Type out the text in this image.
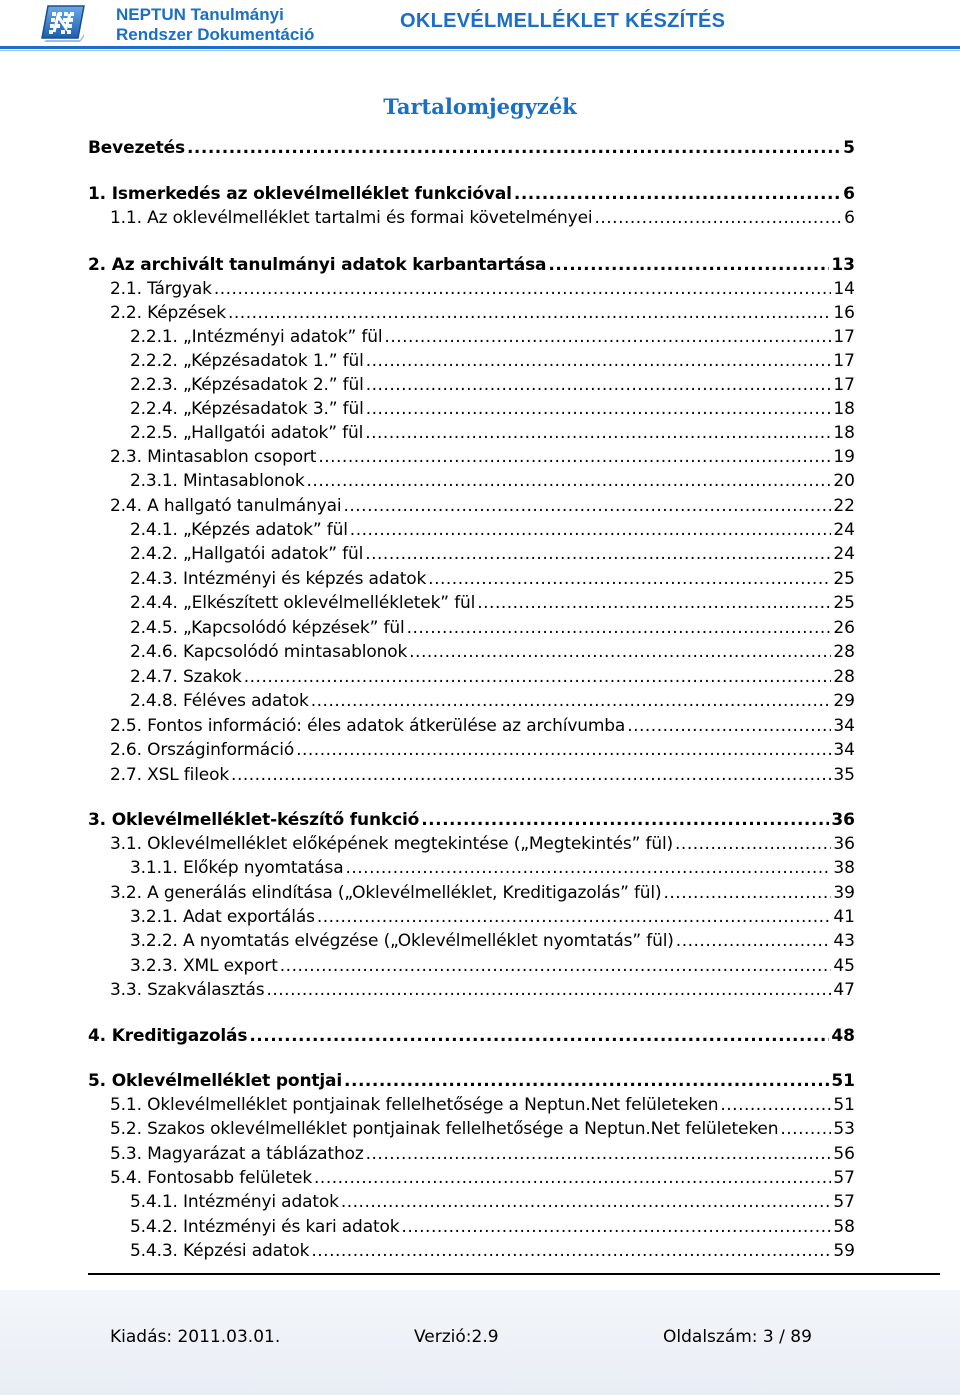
NEPTUN Tanulmányi
Rendszer Dokumentáció
OKLEVÉLMELLÉKLET KÉSZÍTÉS
Tartalomjegyzék
Bevezetés .....	5
1. Ismerkedés az oklevélmelléklet funkcióval .....	6
1.1. Az oklevélmelléklet tartalmi és formai követelményei .....	6
2. Az archivált tanulmányi adatok karbantartása .....	13
2.1. Tárgyak .....	14
2.2. Képzések .....	16
2.2.1. „Intézményi adatok” fül .....	17
2.2.2. „Képzésadatok 1.” fül .....	17
2.2.3. „Képzésadatok 2.” fül .....	17
2.2.4. „Képzésadatok 3.” fül .....	18
2.2.5. „Hallgatói adatok” fül .....	18
2.3. Mintasablon csoport .....	19
2.3.1. Mintasablonok .....	20
2.4. A hallgató tanulmányai .....	22
2.4.1. „Képzés adatok” fül .....	24
2.4.2. „Hallgatói adatok” fül .....	24
2.4.3. Intézményi és képzés adatok .....	25
2.4.4. „Elkészített oklevélmellékletek” fül .....	25
2.4.5. „Kapcsolódó képzések” fül .....	26
2.4.6. Kapcsolódó mintasablonok .....	28
2.4.7. Szakok .....	28
2.4.8. Féléves adatok .....	29
2.5. Fontos információ: éles adatok átkerülése az archívumba .....	34
2.6. Országinformáció .....	34
2.7. XSL fileok .....	35
3. Oklevélmelléklet-készítő funkció .....	36
3.1. Oklevélmelléklet előképének megtekintése („Megtekintés” fül) .....	36
3.1.1. Előkép nyomtatása .....	38
3.2. A generálás elindítása („Oklevélmelléklet, Kreditigazolás” fül) .....	39
3.2.1. Adat exportálás .....	41
3.2.2. A nyomtatás elvégzése („Oklevélmelléklet nyomtatás” fül) .....	43
3.2.3. XML export .....	45
3.3. Szakválasztás .....	47
4. Kreditigazolás .....	48
5. Oklevélmelléklet pontjai .....	51
5.1. Oklevélmelléklet pontjainak fellelhetősége a Neptun.Net felületeken .....	51
5.2. Szakos oklevélmelléklet pontjainak fellelhetősége a Neptun.Net felületeken .....	53
5.3. Magyarázat a táblázathoz .....	56
5.4. Fontosabb felületek .....	57
5.4.1. Intézményi adatok .....	57
5.4.2. Intézményi és kari adatok .....	58
5.4.3. Képzési adatok .....	59
Kiadás: 2011.03.01.	Verzió:2.9	Oldalszám: 3 / 89
